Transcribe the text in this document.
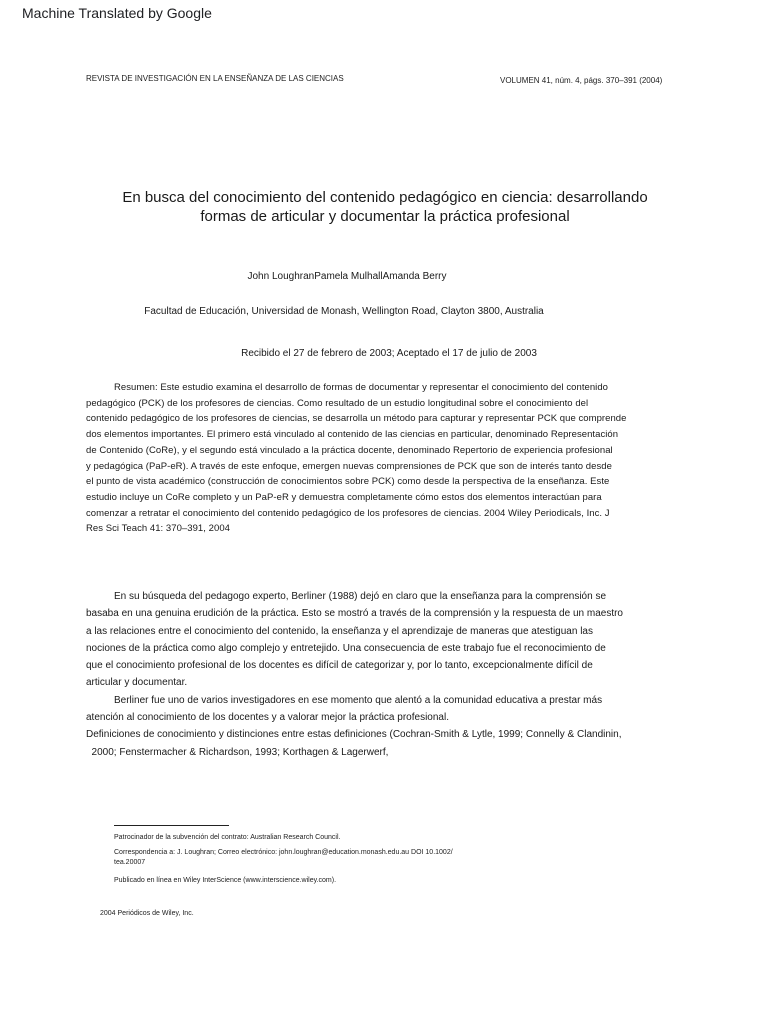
Machine Translated by Google
REVISTA DE INVESTIGACIÓN EN LA ENSEÑANZA DE LAS CIENCIAS	VOLUMEN 41, núm. 4, págs. 370–391 (2004)
En busca del conocimiento del contenido pedagógico en ciencia: desarrollando
formas de articular y documentar la práctica profesional
John LoughranPamela MulhallAmanda Berry
Facultad de Educación, Universidad de Monash, Wellington Road, Clayton 3800, Australia
Recibido el 27 de febrero de 2003; Aceptado el 17 de julio de 2003
Resumen: Este estudio examina el desarrollo de formas de documentar y representar el conocimiento del contenido
pedagógico (PCK) de los profesores de ciencias. Como resultado de un estudio longitudinal sobre el conocimiento del
contenido pedagógico de los profesores de ciencias, se desarrolla un método para capturar y representar PCK que comprende
dos elementos importantes. El primero está vinculado al contenido de las ciencias en particular, denominado Representación
de Contenido (CoRe), y el segundo está vinculado a la práctica docente, denominado Repertorio de experiencia profesional
y pedagógica (PaP-eR). A través de este enfoque, emergen nuevas comprensiones de PCK que son de interés tanto desde
el punto de vista académico (construcción de conocimientos sobre PCK) como desde la perspectiva de la enseñanza. Este
estudio incluye un CoRe completo y un PaP-eR y demuestra completamente cómo estos dos elementos interactúan para
comenzar a retratar el conocimiento del contenido pedagógico de los profesores de ciencias. 2004 Wiley Periodicals, Inc. J
Res Sci Teach 41: 370–391, 2004
En su búsqueda del pedagogo experto, Berliner (1988) dejó en claro que la enseñanza para la comprensión se
basaba en una genuina erudición de la práctica. Esto se mostró a través de la comprensión y la respuesta de un maestro
a las relaciones entre el conocimiento del contenido, la enseñanza y el aprendizaje de maneras que atestiguan las
nociones de la práctica como algo complejo y entretejido. Una consecuencia de este trabajo fue el reconocimiento de
que el conocimiento profesional de los docentes es difícil de categorizar y, por lo tanto, excepcionalmente difícil de
articular y documentar.
Berliner fue uno de varios investigadores en ese momento que alentó a la comunidad educativa a prestar más
atención al conocimiento de los docentes y a valorar mejor la práctica profesional.
Definiciones de conocimiento y distinciones entre estas definiciones (Cochran-Smith & Lytle, 1999; Connelly & Clandinin,
2000; Fenstermacher & Richardson, 1993; Korthagen & Lagerwerf,
Patrocinador de la subvención del contrato: Australian Research Council.
Correspondencia a: J. Loughran; Correo electrónico: john.loughran@education.monash.edu.au DOI 10.1002/
tea.20007
Publicado en línea en Wiley InterScience (www.interscience.wiley.com).
2004 Periódicos de Wiley, Inc.
